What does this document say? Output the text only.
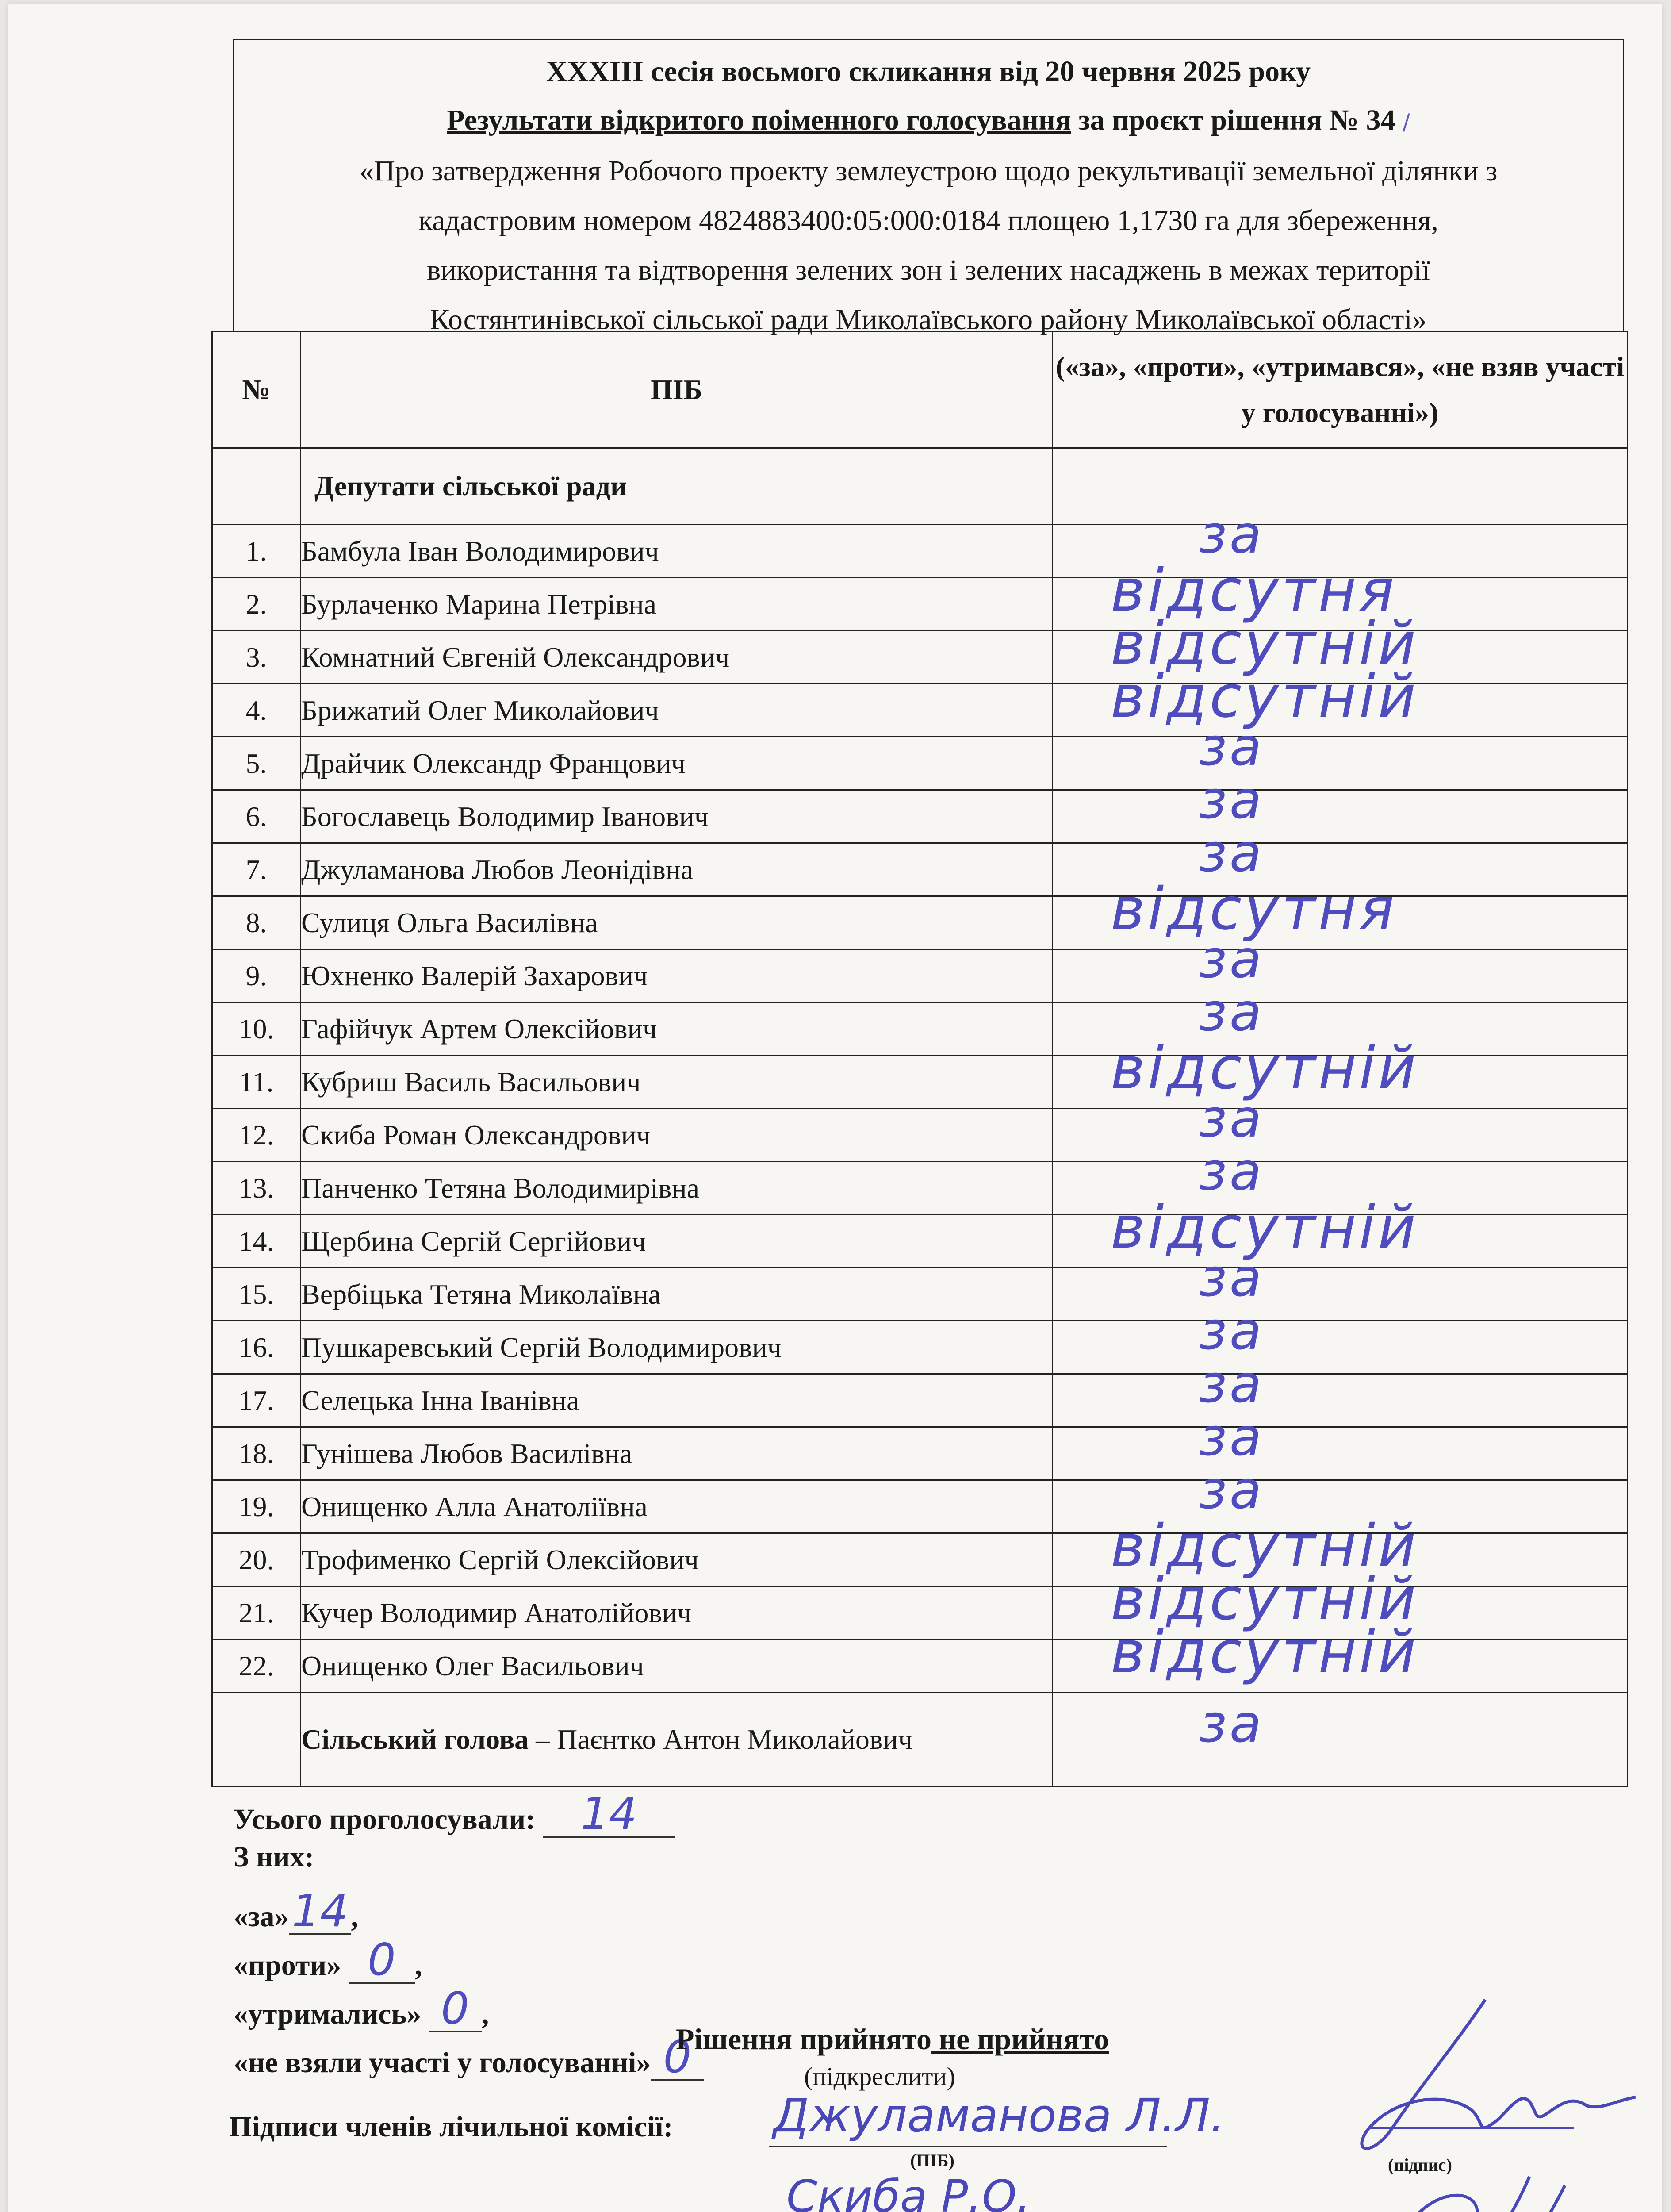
XXXIII сесія восьмого скликання від 20 червня 2025 року

Результати відкритого поіменного голосування за проєкт рішення № 34 /

«Про затвердження Робочого проекту землеустрою щодо рекультивації земельної ділянки з

кадастровим номером 4824883400:05:000:0184 площею 1,1730 га для збереження,

використання та відтворення зелених зон і зелених насаджень в межах території

Костянтинівської сільської ради Миколаївського району Миколаївської області»

№	ПІБ	(«за», «проти», «утримався», «не взяв участі у голосуванні»)
	Депутати сільської ради	
1.	Бамбула Іван Володимирович	за

2.	Бурлаченко Марина Петрівна	відсутня

3.	Комнатний Євгеній Олександрович	відсутній

4.	Брижатий Олег Миколайович	відсутній

5.	Драйчик Олександр Францович	за

6.	Богославець Володимир Іванович	за

7.	Джуламанова Любов Леонідівна	за

8.	Сулиця Ольга Василівна	відсутня

9.	Юхненко Валерій Захарович	за

10.	Гафійчук Артем Олексійович	за

11.	Кубриш Василь Васильович	відсутній

12.	Скиба Роман Олександрович	за

13.	Панченко Тетяна Володимирівна	за

14.	Щербина Сергій Сергійович	відсутній

15.	Вербіцька Тетяна Миколаївна	за

16.	Пушкаревський Сергій Володимирович	за

17.	Селецька Інна Іванівна	за

18.	Гунішева Любов Василівна	за

19.	Онищенко Алла Анатоліївна	за

20.	Трофименко Сергій Олексійович	відсутній

21.	Кучер Володимир Анатолійович	відсутній

22.	Онищенко Олег Васильович	відсутній

	Сільський голова – Паєнтко Антон Миколайович	за
Усього проголосували: 14
З них:
«за»14,
«проти» 0 ,
«утримались» 0 ,
«не взяли участі у голосуванні» 0
Рішення прийнято не прийнято
(підкреслити)
Підписи членів лічильної комісії: Джуламанова Л.Л.
(ПІБ)
Скиба Р.О.
(підпис)
